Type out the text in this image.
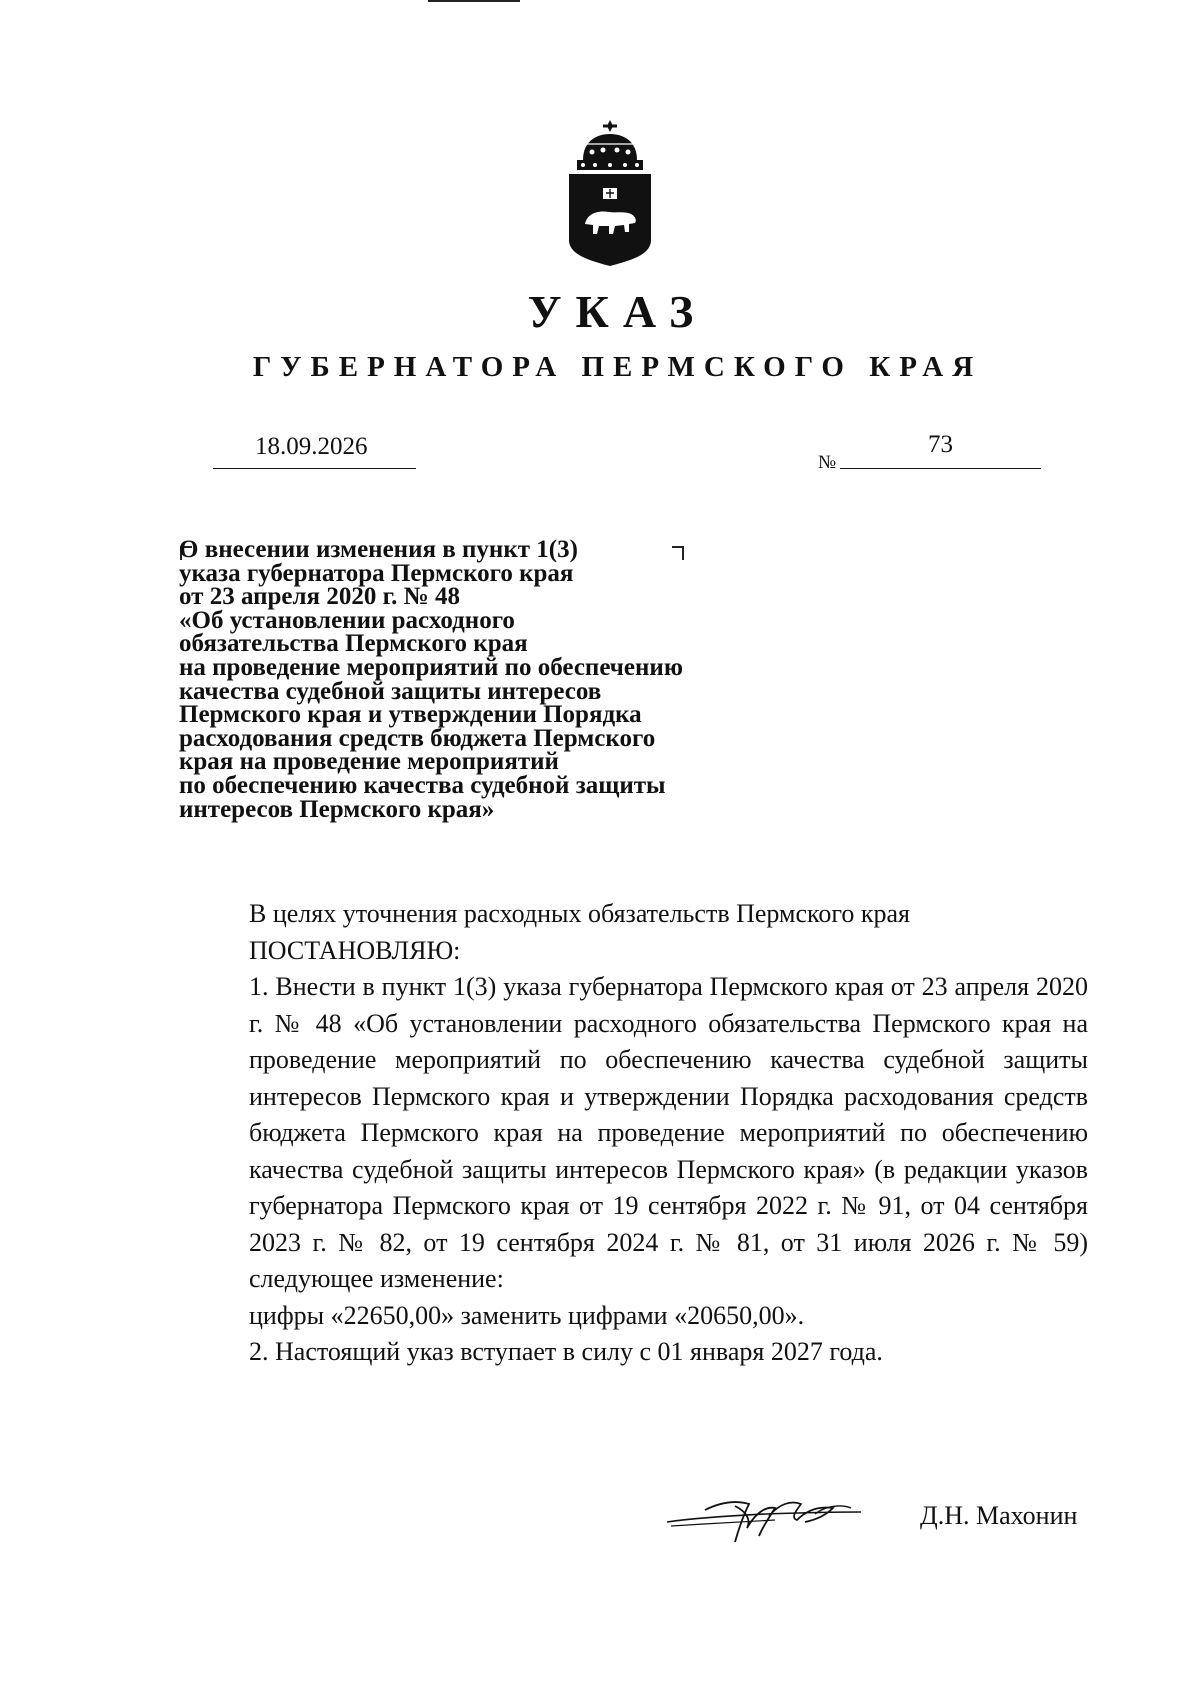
УКАЗ
ГУБЕРНАТОРА ПЕРМСКОГО КРАЯ
18.09.2026
№
73
О внесении изменения в пункт 1(3)
указа губернатора Пермского края
от 23 апреля 2020 г. № 48
«Об установлении расходного
обязательства Пермского края
на проведение мероприятий по обеспечению
качества судебной защиты интересов
Пермского края и утверждении Порядка
расходования средств бюджета Пермского
края на проведение мероприятий
по обеспечению качества судебной защиты
интересов Пермского края»

В целях уточнения расходных обязательств Пермского края

ПОСТАНОВЛЯЮ:

1. Внести в пункт 1(3) указа губернатора Пермского края от 23 апреля 2020 г. № 48 «Об установлении расходного обязательства Пермского края на проведение мероприятий по обеспечению качества судебной защиты интересов Пермского края и утверждении Порядка расходования средств бюджета Пермского края на проведение мероприятий по обеспечению качества судебной защиты интересов Пермского края» (в редакции указов губернатора Пермского края от 19 сентября 2022 г. № 91, от 04 сентября 2023 г. № 82, от 19 сентября 2024 г. № 81, от 31 июля 2026 г. № 59) следующее изменение:

цифры «22650,00» заменить цифрами «20650,00».

2. Настоящий указ вступает в силу с 01 января 2027 года.

Д.Н. Махонин
